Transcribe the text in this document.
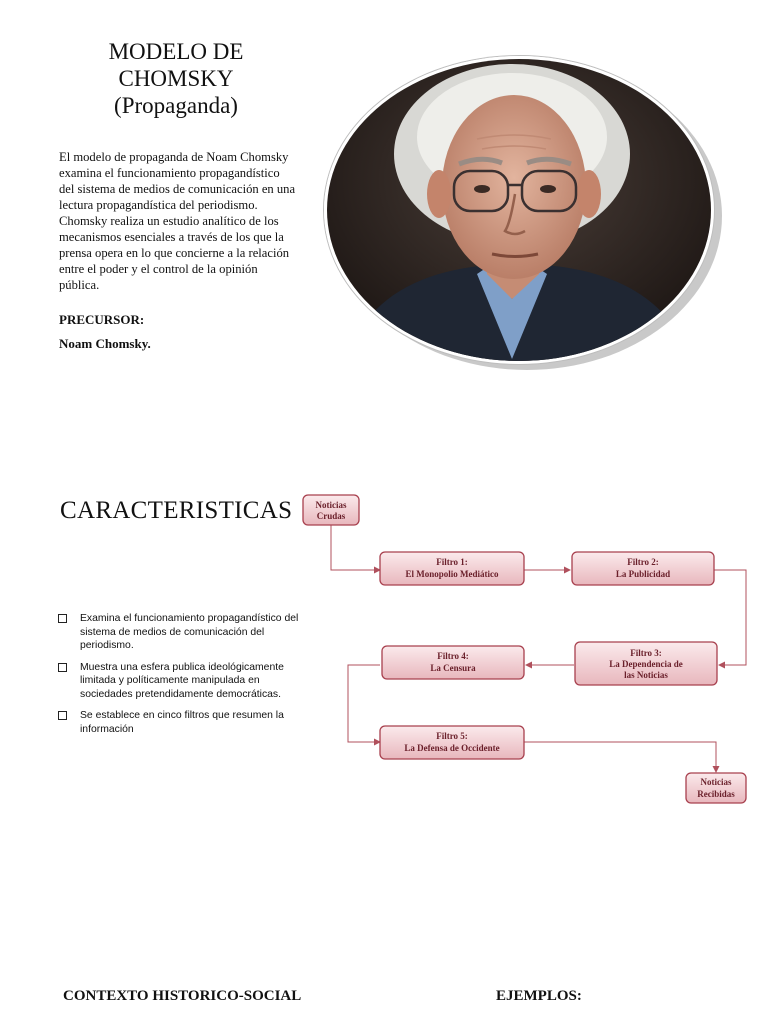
MODELO DE
CHOMSKY
(Propaganda)
El modelo de propaganda de Noam Chomsky examina el funcionamiento propagandístico del sistema de medios de comunicación en una lectura propagandística del periodismo. Chomsky realiza un estudio analítico de los mecanismos esenciales a través de los que la prensa opera en lo que concierne a la relación entre el poder y el control de la opinión pública.
PRECURSOR:
Noam Chomsky.
CARACTERISTICAS
Examina el funcionamiento propagandístico del sistema de medios de comunicación del periodismo.
Muestra una esfera publica ideológicamente limitada y políticamente manipulada en sociedades pretendidamente democráticas.
Se establece en cinco filtros que resumen la información
Noticias
Crudas
Filtro 1:
El Monopolio Mediático
Filtro 2:
La Publicidad
Filtro 3:
La Dependencia de
las Noticias
Filtro 4:
La Censura
Filtro 5:
La Defensa de Occidente
Noticias
Recibidas
CONTEXTO HISTORICO-SOCIAL	EJEMPLOS:
